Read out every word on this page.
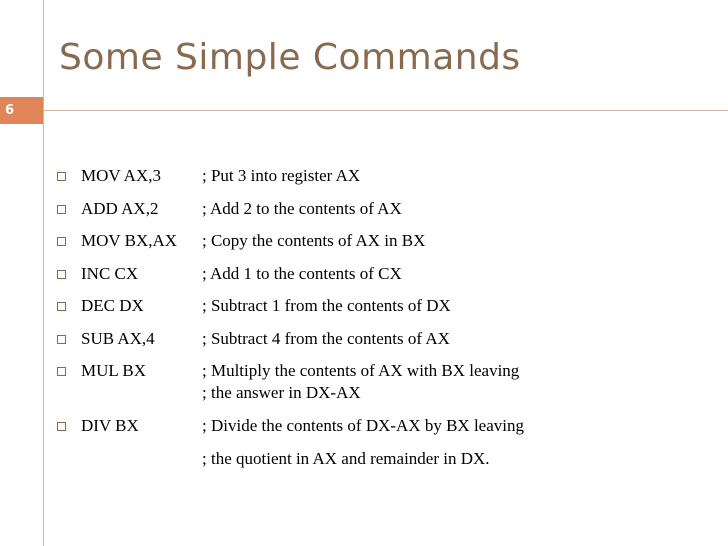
6
Some Simple Commands
MOV AX,3 ; Put 3 into register AX
ADD AX,2	; Add 2 to the contents of AX
MOV BX,AX ; Copy the contents of AX in BX
INC CX	; Add 1 to the contents of CX
DEC DX	; Subtract 1 from the contents of DX
SUB AX,4	; Subtract 4 from the contents of AX
MUL BX	; Multiply the contents of AX with BX leaving
; the answer in DX-AX
DIV BX	; Divide the contents of DX-AX by BX leaving
; the quotient in AX and remainder in DX.
